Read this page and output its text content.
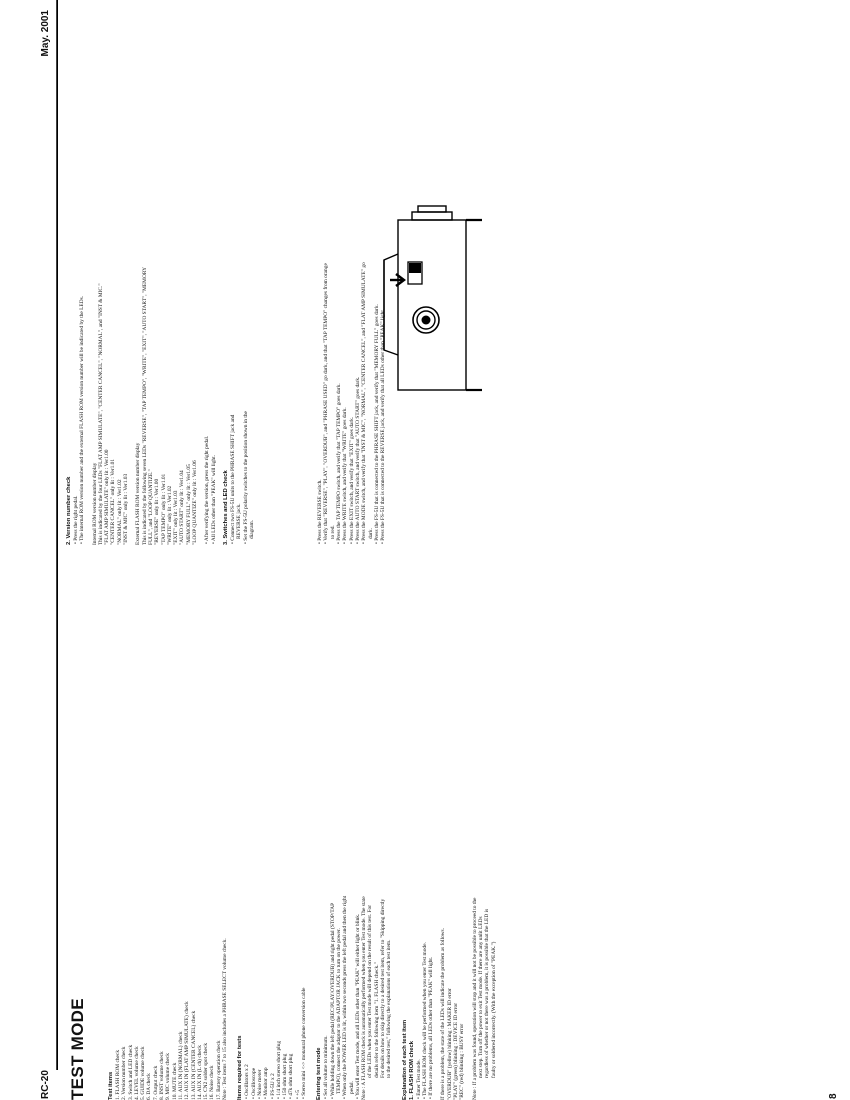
RC-20
May. 2001
8
TEST MODE	Test items 1. FLASH ROM check 2. Version number check 3. Switch and LED check 4. LEVEL volume check 5. GUIDE volume check 6. DA check 7. Output check 8. INST volume check 9. MIC volume check 10. MUTE check 11. AUX IN (NORMAL) check 12. AUX IN (FLAT AMP SIMULATE) check 13. AUX IN (CENTER CANCEL) check 14. AUX IN (L ch) check 15. CN2 solder spot check 16. Noise check 17. Battery operation check Note : Test items 7 to 15 also includes a PHRASE SELECT volume check. Items required for tests • Oscillators x 2
• Oscilloscope
• Noise meter
• Monitor amp
• FS-5U x 2
• 1/4 inch stereo short plug
• 150 ohm short plug
• 47k ohm short plug
• +5
• Stereo mini <-> monaural phone conversion cable Entering test mode • Set all volume to minimum.
• While holding down the left pedal (REC/PLAY/OVERDUB) and right pedal (STOP/TAP TEMPO), connect the adaptor to the ADAPTOR JACK to turn on the power.
• When only the POWER LED is lit, within two seconds press the left pedal and then the right pedal.
• You will enter Test mode, and all LEDs other than "PEAK" will either light or blink. Note : A FLASH ROM check is automatically performed when you enter Test mode. The state of the LEDs when you enter Test mode will depend on the result of this test. For details refer to the following item "1. FLASH check." For details on how to skip directly to a desired test item, refer to "Skipping directly to the desired test," following the explanations of each test item. Explanation of each test item 1. FLASH ROM check • Enter Test mode.
• The FLASH ROM check will be performed when you enter Test mode.
• If there are no problems, all LEDs other than "PEAK" will light. If there is a problem, the state of the LEDs will indicate the problem as follows. "OVERDUB" (yellow) blinking : MAKER ID error "PLAY" (green) blinking : DEVICE ID error "REC" (red) blinking : BUSY error Note : If a problem was found, operation will stop and it will not be possible to proceed to the next step. Turn off the power to exit Test mode. If there are any unlit LEDs regardless of whether or not there was a problem, it is possible that the LED is faulty or soldered incorrectly. (With the exception of "PEAK.")
2. Version number check • Press the right pedal.
• The internal ROM version number and the external FLASH ROM version number will be indicated by the LEDs. Internal ROM version number display This is indicated by the four LEDs "FLAT AMP SIMULATE", "CENTER CANCEL", "NORMAL", and "INST & MIC." "FLAT AMP SIMULATE" only lit : Ver1.00 "CENTER CANCEL" only lit : Ver1.01 "NORMAL" only lit : Ver1.02 "INST & MIC" only lit : Ver1.03 External FLASH ROM version number display This is indicated by the following seven LEDs "REVERSE", "TAP TEMPO", "WRITE", "EXIT", "AUTO START", "MEMORY FULL", and "LOOP QUANTIZE." "REVERSE" only lit : Ver1.00 "TAP TEMPO" only lit : Ver1.01 "WRITE" only lit : Ver1.02 "EXIT" only lit : Ver1.03 "AUTO START" only lit : Ver1.04 "MEMORY FULL" only lit : Ver1.05 "LOOP QUANTIZE" only lit : Ver1.06 • After verifying the version, press the right pedal.
• All LEDs other than "PEAK" will light. 3. Switches and LED check • Connect two FS-5U units to the PHRASE SHIFT jack and REVERSE jack.
• Set the FS-5U polarity switches to the position shown in the diagram.
• Press the REVERSE switch.
• Verify that "REVERSE", "PLAY", "OVERDUB", and "PHRASE USED" go dark, and that "TAP TEMPO" changes from orange to red.
• Press the TAP TEMPO switch, and verify that "TAP TEMPO" goes dark.
• Press the WRITE switch, and verify that "WRITE" goes dark.
• Press the EXIT switch, and verify that "EXIT" goes dark.
• Press the AUTO START switch, and verify that "AUTO START" goes dark.
• Press the MODE switch, and verify that "INST & MIC", "NORMAL", "CENTER CANCEL", and "FLAT AMP SIMULATE" go dark.
• Press the FS-5U that is connected to the PHRASE SHIFT jack, and verify that "MEMORY FULL" goes dark.
• Press the FS-5U that is connected to the REVERSE jack, and verify that all LEDs other than "PEAK" light.
